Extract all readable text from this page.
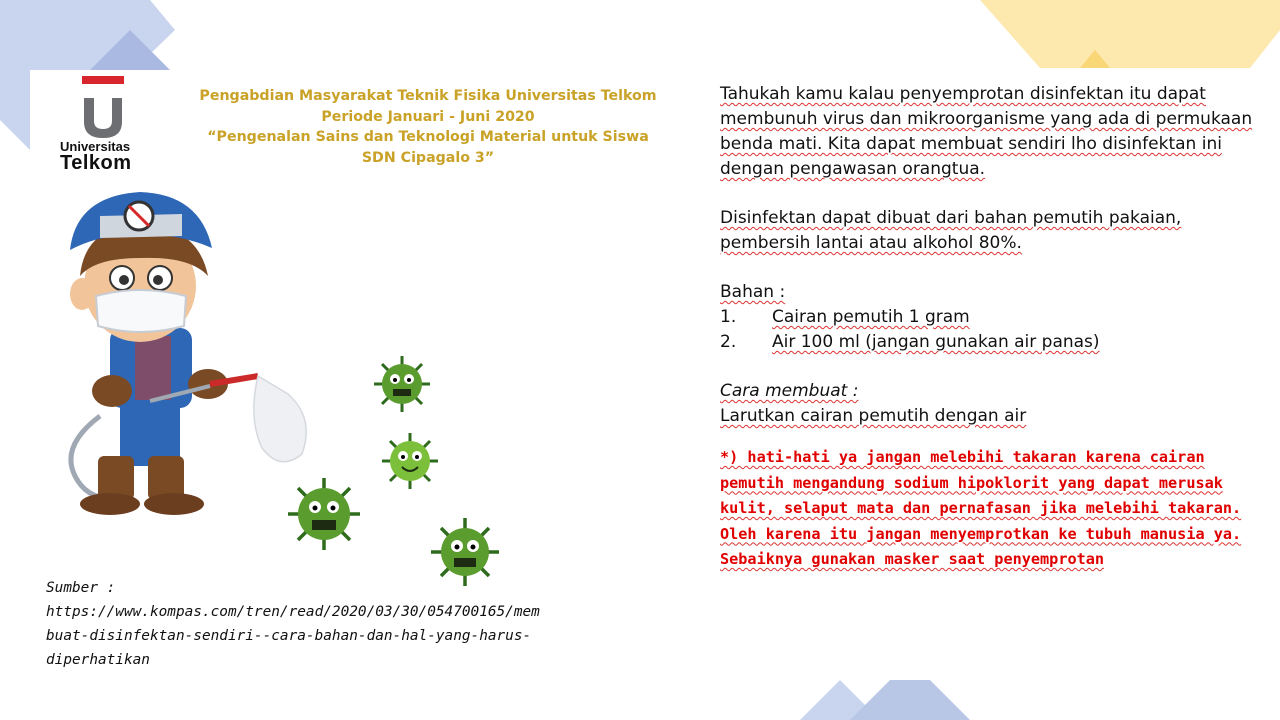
Universitas
Telkom
Pengabdian Masyarakat Teknik Fisika Universitas Telkom
Periode Januari - Juni 2020
“Pengenalan Sains dan Teknologi Material untuk Siswa
SDN Cipagalo 3”
Sumber :
https://www.kompas.com/tren/read/2020/03/30/054700165/mem
buat-disinfektan-sendiri--cara-bahan-dan-hal-yang-harus-
diperhatikan

Tahukah kamu kalau penyemprotan disinfektan itu dapat membunuh virus dan mikroorganisme yang ada di permukaan benda mati. Kita dapat membuat sendiri lho disinfektan ini dengan pengawasan orangtua.

Disinfektan dapat dibuat dari bahan pemutih pakaian, pembersih lantai atau alkohol 80%.

Bahan :

1.	Cairan pemutih 1 gram
2.	Air 100 ml (jangan gunakan air panas)

Cara membuat :

Larutkan cairan pemutih dengan air

*) hati-hati ya jangan melebihi takaran karena cairan pemutih mengandung sodium hipoklorit yang dapat merusak kulit, selaput mata dan pernafasan jika melebihi takaran. Oleh karena itu jangan menyemprotkan ke tubuh manusia ya. Sebaiknya gunakan masker saat penyemprotan
